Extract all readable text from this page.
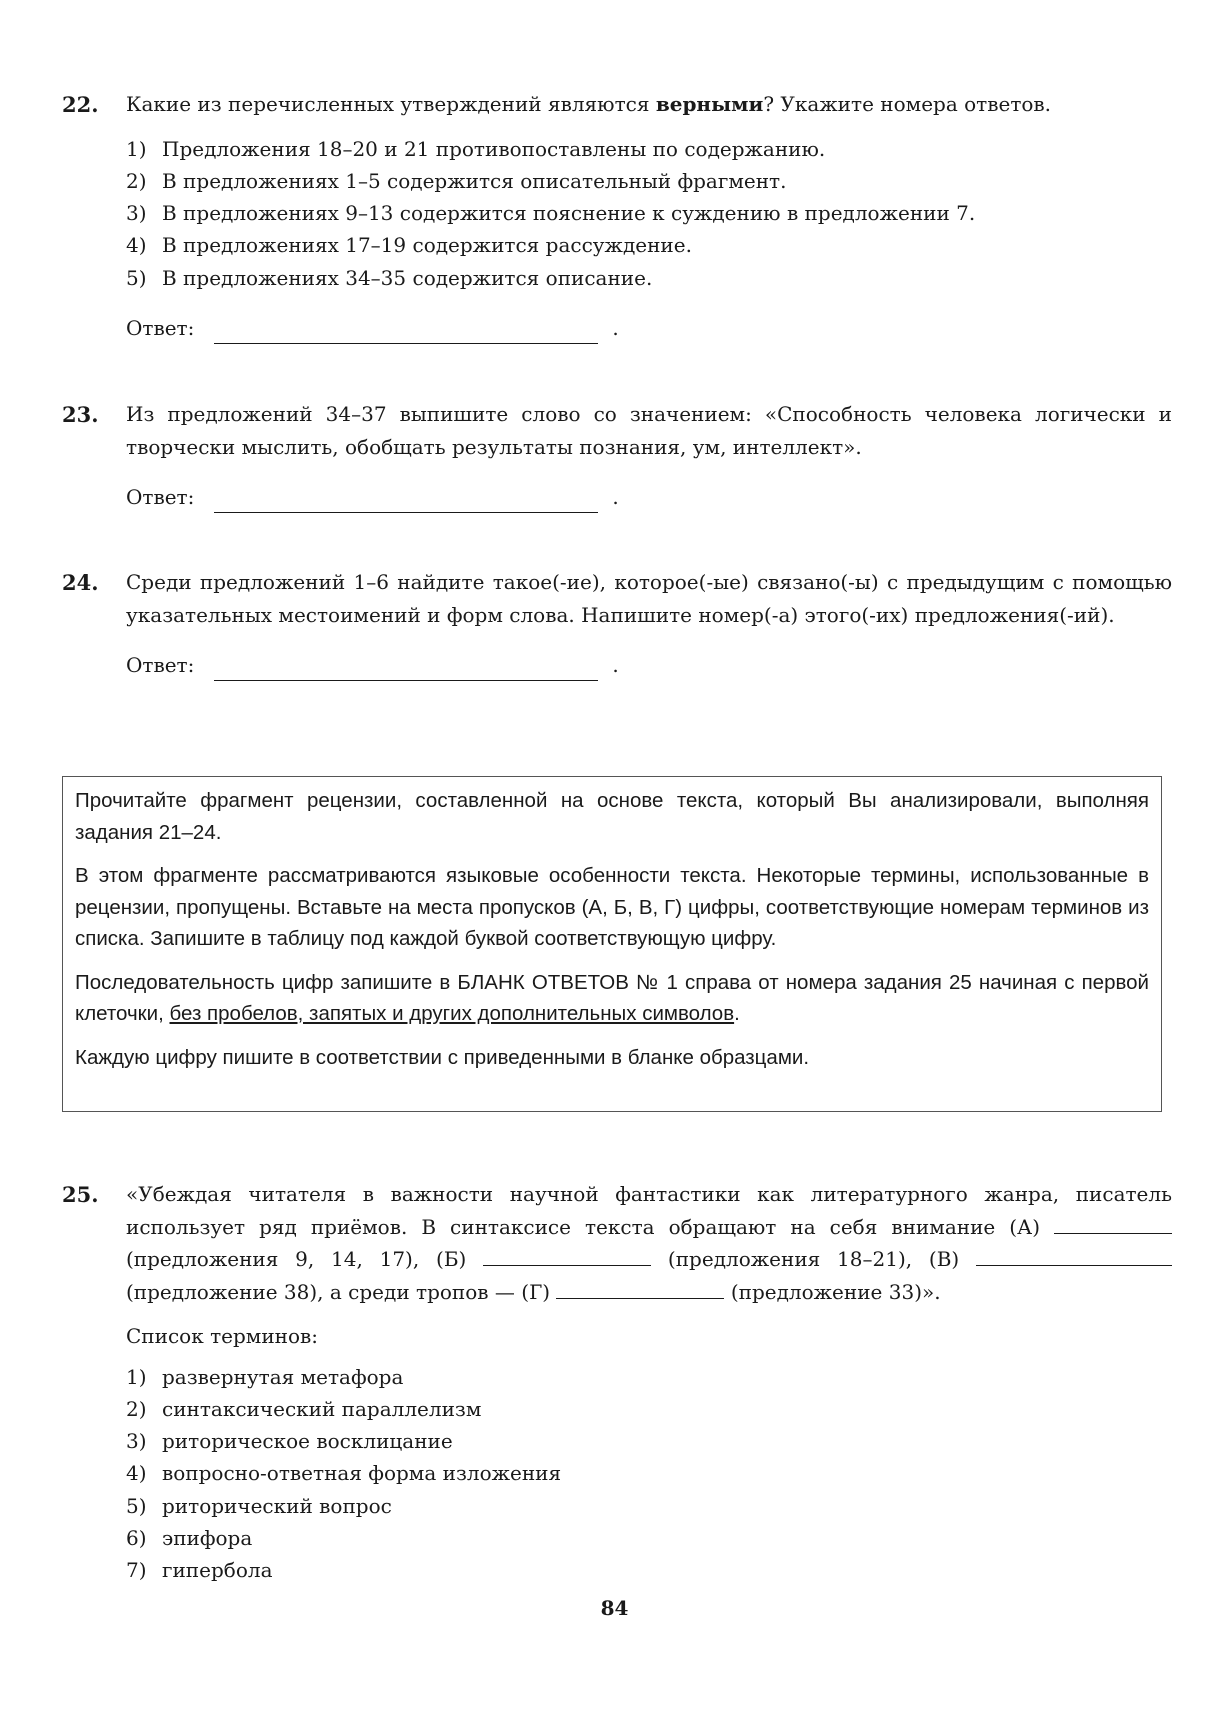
22. Какие из перечисленных утверждений являются верными? Укажите номера ответов.
1) Предложения 18–20 и 21 противопоставлены по содержанию.
2) В предложениях 1–5 содержится описательный фрагмент.
3) В предложениях 9–13 содержится пояснение к суждению в предложении 7.
4) В предложениях 17–19 содержится рассуждение.
5) В предложениях 34–35 содержится описание.
Ответ:	.
23. Из предложений 34–37 выпишите слово со значением: «Способность человека логически и творчески мыслить, обобщать результаты познания, ум, интеллект».
Ответ:	.
24. Среди предложений 1–6 найдите такое(-ие), которое(-ые) связано(-ы) с предыдущим с помощью указательных местоимений и форм слова. Напишите номер(-а) этого(-их) предложения(-ий).
Ответ:	.

Прочитайте фрагмент рецензии, составленной на основе текста, который Вы анализировали, выполняя задания 21–24.

В этом фрагменте рассматриваются языковые особенности текста. Некоторые термины, использованные в рецензии, пропущены. Вставьте на места пропусков (А, Б, В, Г) цифры, соответствующие номерам терминов из списка. Запишите в таблицу под каждой буквой соответствующую цифру.

Последовательность цифр запишите в БЛАНК ОТВЕТОВ № 1 справа от номера задания 25 начиная с первой клеточки, без пробелов, запятых и других дополнительных символов.

Каждую цифру пишите в соответствии с приведенными в бланке образцами.

25. «Убеждая читателя в важности научной фантастики как литературного жанра, писатель использует ряд приёмов. В синтаксисе текста обращают на себя внимание (А)  (предложения 9, 14, 17), (Б)	(предложения 18–21), (В)  (предложение 38), а среди тропов — (Г)	(предложение 33)».
Список терминов:
1) развернутая метафора
2) синтаксический параллелизм
3) риторическое восклицание
4) вопросно-ответная форма изложения
5) риторический вопрос
6) эпифора
7) гипербола
84
